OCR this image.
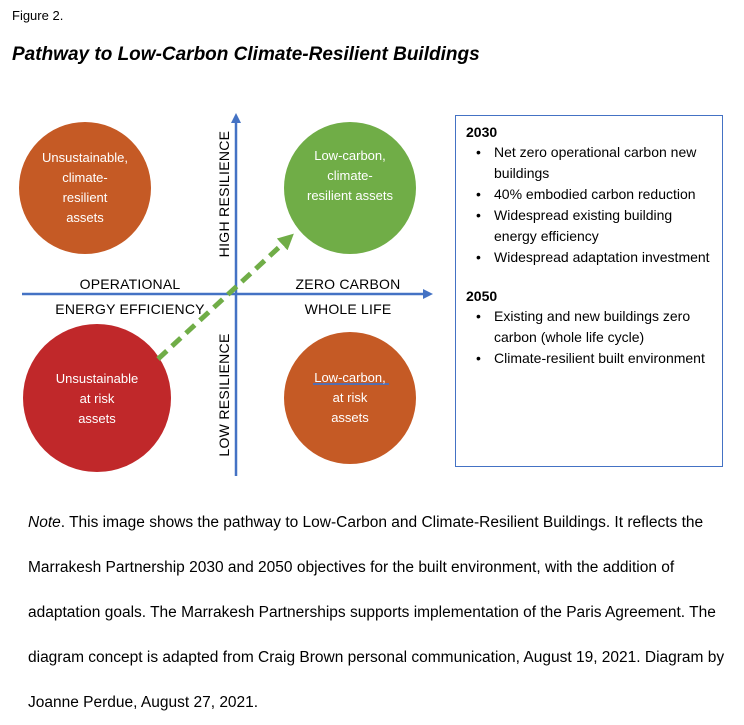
Figure 2.
Pathway to Low-Carbon Climate-Resilient Buildings
Unsustainable,
climate-
resilient
assets
Low-carbon,
climate-
resilient assets
Unsustainable
at risk
assets
Low-carbon,
at risk
assets
OPERATIONAL
ENERGY EFFICIENCY
ZERO CARBON
WHOLE LIFE
HIGH RESILIENCE
LOW RESILIENCE
2030
• Net zero operational carbon new buildings
• 40% embodied carbon reduction
• Widespread existing building energy efficiency
• Widespread adaptation investment
2050
• Existing and new buildings zero carbon (whole life cycle)
• Climate-resilient built environment
Note. This image shows the pathway to Low-Carbon and Climate-Resilient Buildings. It reflects the Marrakesh Partnership 2030 and 2050 objectives for the built environment, with the addition of adaptation goals. The Marrakesh Partnerships supports implementation of the Paris Agreement. The diagram concept is adapted from Craig Brown personal communication, August 19, 2021. Diagram by Joanne Perdue, August 27, 2021.
